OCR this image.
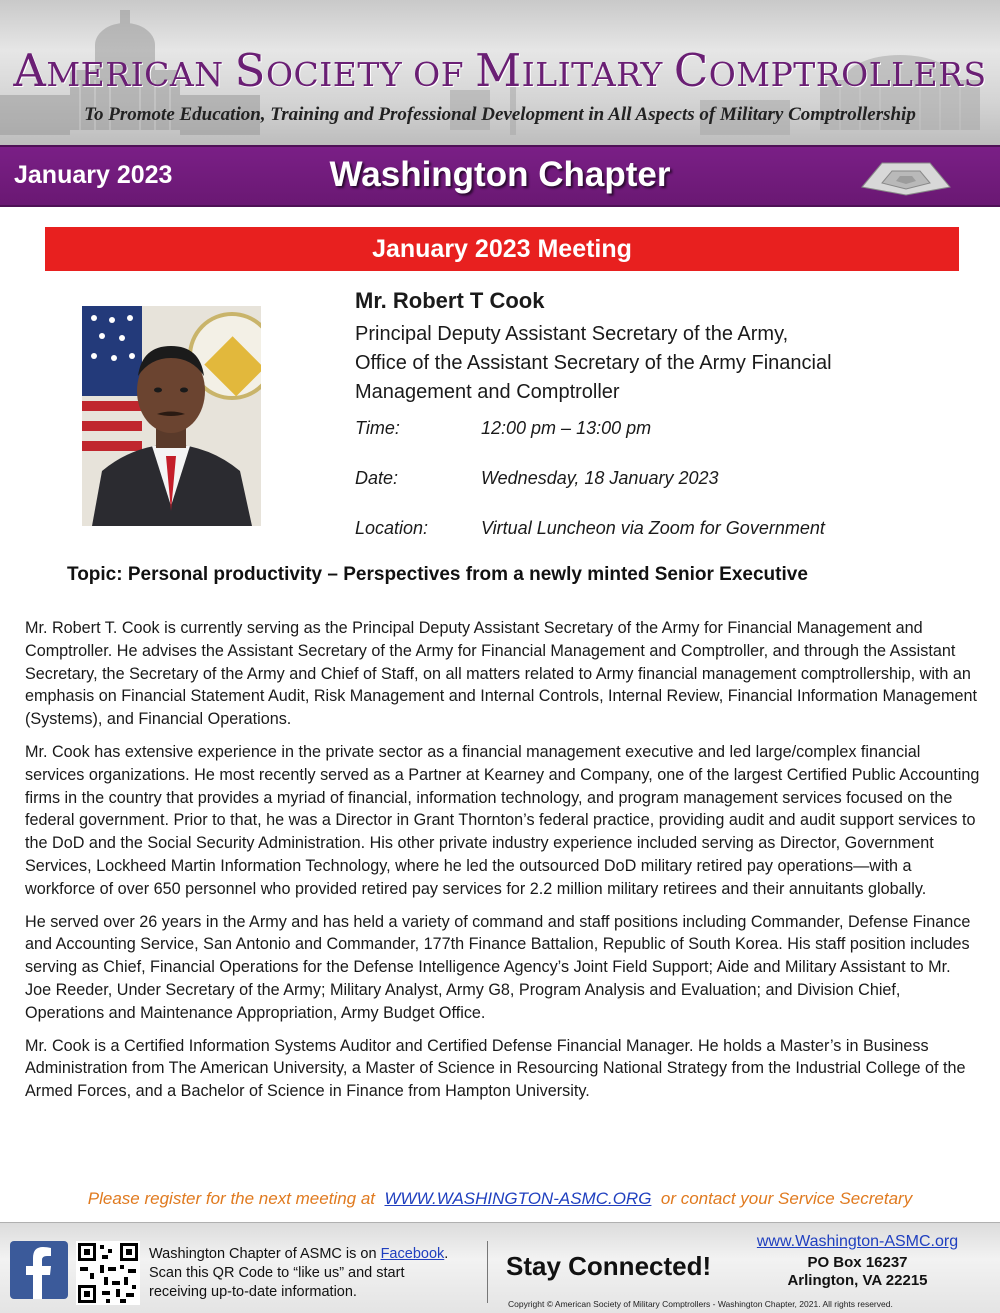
AMERICAN SOCIETY OF MILITARY COMPTROLLERS
To Promote Education, Training and Professional Development in All Aspects of Military Comptrollership
January 2023	Washington Chapter
January 2023 Meeting
Mr. Robert T Cook
Principal Deputy Assistant Secretary of the Army,
Office of the Assistant Secretary of the Army Financial
Management and Comptroller
Time:	12:00 pm – 13:00 pm
Date:	Wednesday, 18 January 2023
Location:	Virtual Luncheon via Zoom for Government
Topic: Personal productivity – Perspectives from a newly minted Senior Executive

Mr. Robert T. Cook is currently serving as the Principal Deputy Assistant Secretary of the Army for Financial Management and Comptroller. He advises the Assistant Secretary of the Army for Financial Management and Comptroller, and through the Assistant Secretary, the Secretary of the Army and Chief of Staff, on all matters related to Army financial management comptrollership, with an emphasis on Financial Statement Audit, Risk Management and Internal Controls, Internal Review, Financial Information Management (Systems), and Financial Operations.

Mr. Cook has extensive experience in the private sector as a financial management executive and led large/complex financial services organizations. He most recently served as a Partner at Kearney and Company, one of the largest Certified Public Accounting firms in the country that provides a myriad of financial, information technology, and program management services focused on the federal government. Prior to that, he was a Director in Grant Thornton’s federal practice, providing audit and audit support services to the DoD and the Social Security Administration. His other private industry experience included serving as Director, Government Services, Lockheed Martin Information Technology, where he led the outsourced DoD military retired pay operations—with a workforce of over 650 personnel who provided retired pay services for 2.2 million military retirees and their annuitants globally.

He served over 26 years in the Army and has held a variety of command and staff positions including Commander, Defense Finance and Accounting Service, San Antonio and Commander, 177th Finance Battalion, Republic of South Korea. His staff position includes serving as Chief, Financial Operations for the Defense Intelligence Agency’s Joint Field Support; Aide and Military Assistant to Mr. Joe Reeder, Under Secretary of the Army; Military Analyst, Army G8, Program Analysis and Evaluation; and Division Chief, Operations and Maintenance Appropriation, Army Budget Office.

Mr. Cook is a Certified Information Systems Auditor and Certified Defense Financial Manager. He holds a Master’s in Business Administration from The American University, a Master of Science in Resourcing National Strategy from the Industrial College of the Armed Forces, and a Bachelor of Science in Finance from Hampton University.

Please register for the next meeting at WWW.WASHINGTON-ASMC.ORG or contact your Service Secretary
Washington Chapter of ASMC is on Facebook.
Scan this QR Code to “like us” and start
receiving up-to-date information.
Stay Connected!
www.Washington-ASMC.org
PO Box 16237
Arlington, VA 22215
Copyright © American Society of Military Comptrollers - Washington Chapter, 2021. All rights reserved.
